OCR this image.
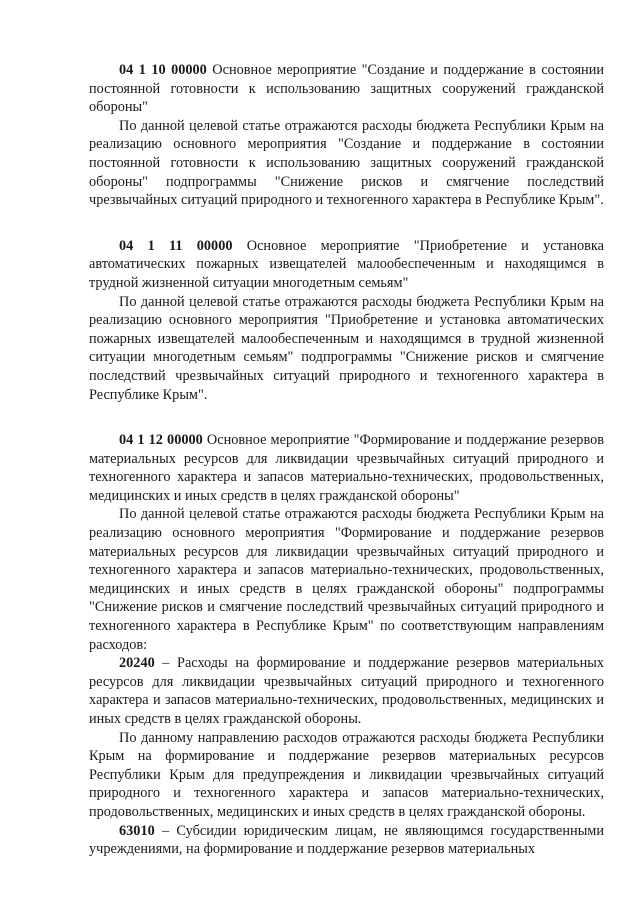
04 1 10 00000 Основное мероприятие "Создание и поддержание в состоянии постоянной готовности к использованию защитных сооружений гражданской обороны"

По данной целевой статье отражаются расходы бюджета Республики Крым на реализацию основного мероприятия "Создание и поддержание в состоянии постоянной готовности к использованию защитных сооружений гражданской обороны" подпрограммы "Снижение рисков и смягчение последствий чрезвычайных ситуаций природного и техногенного характера в Республике Крым".

04 1 11 00000 Основное мероприятие "Приобретение и установка автоматических пожарных извещателей малообеспеченным и находящимся в трудной жизненной ситуации многодетным семьям"

По данной целевой статье отражаются расходы бюджета Республики Крым на реализацию основного мероприятия "Приобретение и установка автоматических пожарных извещателей малообеспеченным и находящимся в трудной жизненной ситуации многодетным семьям" подпрограммы "Снижение рисков и смягчение последствий чрезвычайных ситуаций природного и техногенного характера в Республике Крым".

04 1 12 00000 Основное мероприятие "Формирование и поддержание резервов материальных ресурсов для ликвидации чрезвычайных ситуаций природного и техногенного характера и запасов материально-технических, продовольственных, медицинских и иных средств в целях гражданской обороны"

По данной целевой статье отражаются расходы бюджета Республики Крым на реализацию основного мероприятия "Формирование и поддержание резервов материальных ресурсов для ликвидации чрезвычайных ситуаций природного и техногенного характера и запасов материально-технических, продовольственных, медицинских и иных средств в целях гражданской обороны" подпрограммы "Снижение рисков и смягчение последствий чрезвычайных ситуаций природного и техногенного характера в Республике Крым" по соответствующим направлениям расходов:

20240 – Расходы на формирование и поддержание резервов материальных ресурсов для ликвидации чрезвычайных ситуаций природного и техногенного характера и запасов материально-технических, продовольственных, медицинских и иных средств в целях гражданской обороны.

По данному направлению расходов отражаются расходы бюджета Республики Крым на формирование и поддержание резервов материальных ресурсов Республики Крым для предупреждения и ликвидации чрезвычайных ситуаций природного и техногенного характера и запасов материально-технических, продовольственных, медицинских и иных средств в целях гражданской обороны.

63010 – Субсидии юридическим лицам, не являющимся государственными учреждениями, на формирование и поддержание резервов материальных
